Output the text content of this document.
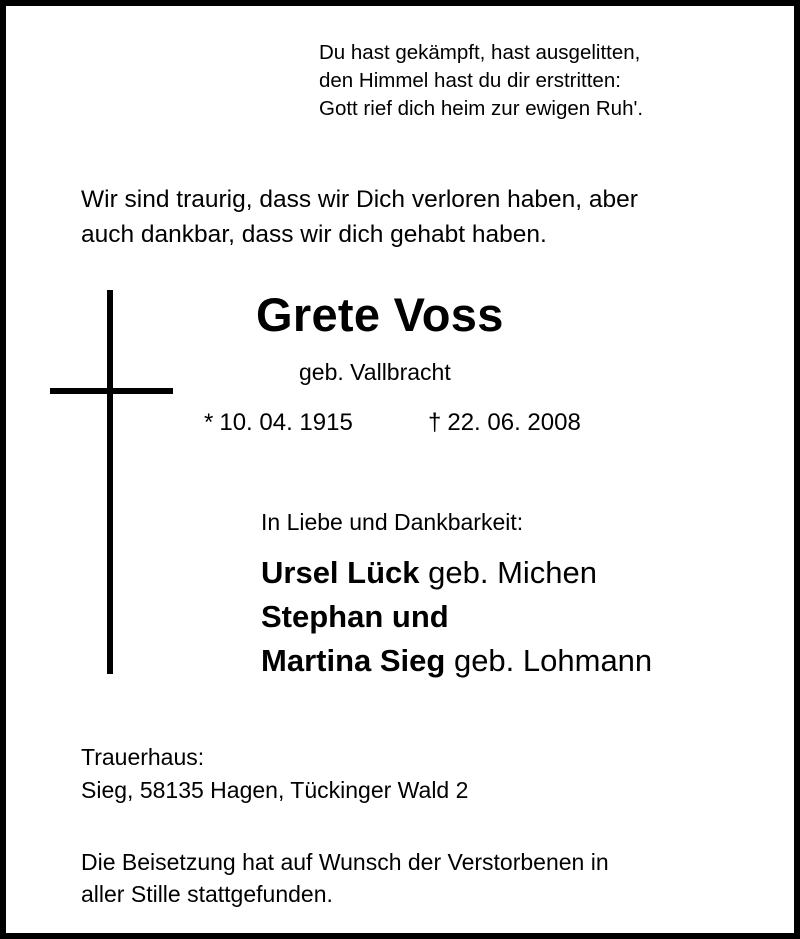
Du hast gekämpft, hast ausgelitten,
den Himmel hast du dir erstritten:
Gott rief dich heim zur ewigen Ruh'.
Wir sind traurig, dass wir Dich verloren haben, aber
auch dankbar, dass wir dich gehabt haben.
Grete Voss
geb. Vallbracht
* 10. 04. 1915	† 22. 06. 2008
In Liebe und Dankbarkeit:
Ursel Lück geb. Michen
Stephan und
Martina Sieg geb. Lohmann
Trauerhaus:
Sieg, 58135 Hagen, Tückinger Wald 2
Die Beisetzung hat auf Wunsch der Verstorbenen in
aller Stille stattgefunden.
